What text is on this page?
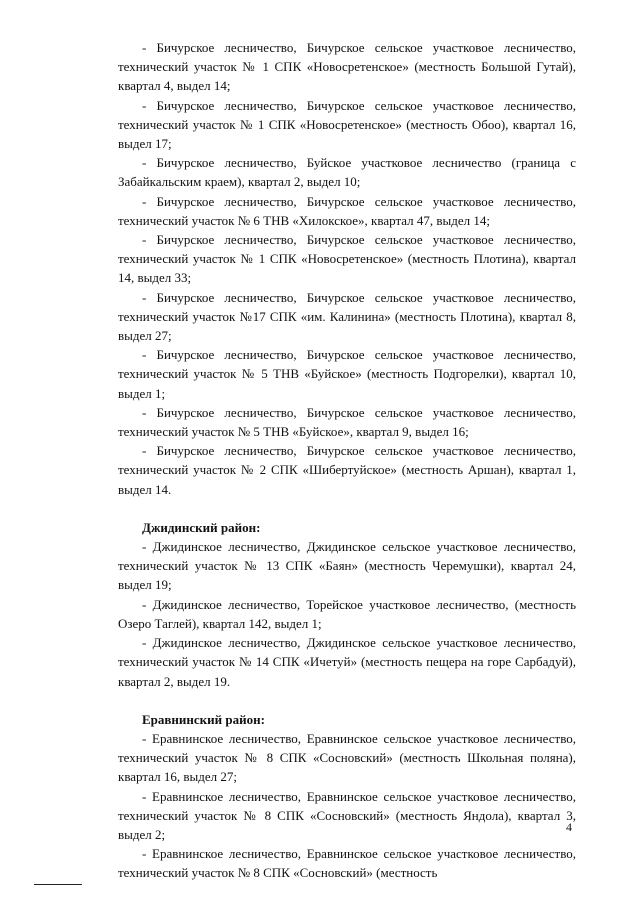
- Бичурское лесничество, Бичурское сельское участковое лесничество, технический участок № 1 СПК «Новосретенское» (местность Большой Гутай), квартал 4, выдел 14;
- Бичурское лесничество, Бичурское сельское участковое лесничество, технический участок № 1 СПК «Новосретенское» (местность Обоо), квартал 16, выдел 17;
- Бичурское лесничество, Буйское участковое лесничество (граница с Забайкальским краем), квартал 2, выдел 10;
- Бичурское лесничество, Бичурское сельское участковое лесничество, технический участок № 6 ТНВ «Хилокское», квартал 47, выдел 14;
- Бичурское лесничество, Бичурское сельское участковое лесничество, технический участок № 1 СПК «Новосретенское» (местность Плотина), квартал 14, выдел 33;
- Бичурское лесничество, Бичурское сельское участковое лесничество, технический участок №17 СПК «им. Калинина» (местность Плотина), квартал 8, выдел 27;
- Бичурское лесничество, Бичурское сельское участковое лесничество, технический участок № 5 ТНВ «Буйское» (местность Подгорелки), квартал 10, выдел 1;
- Бичурское лесничество, Бичурское сельское участковое лесничество, технический участок № 5 ТНВ «Буйское», квартал 9, выдел 16;
- Бичурское лесничество, Бичурское сельское участковое лесничество, технический участок № 2 СПК «Шибертуйское» (местность Аршан), квартал 1, выдел 14.
Джидинский район:
- Джидинское лесничество, Джидинское сельское участковое лесничество, технический участок № 13 СПК «Баян» (местность Черемушки), квартал 24, выдел 19;
- Джидинское лесничество, Торейское участковое лесничество, (местность Озеро Таглей), квартал 142, выдел 1;
- Джидинское лесничество, Джидинское сельское участковое лесничество, технический участок № 14 СПК «Ичетуй» (местность пещера на горе Сарбадуй), квартал 2, выдел 19.
Еравнинский район:
- Еравнинское лесничество, Еравнинское сельское участковое лесничество, технический участок № 8 СПК «Сосновский» (местность Школьная поляна), квартал 16, выдел 27;
- Еравнинское лесничество, Еравнинское сельское участковое лесничество, технический участок № 8 СПК «Сосновский» (местность Яндола), квартал 3, выдел 2;
- Еравнинское лесничество, Еравнинское сельское участковое лесничество, технический участок № 8 СПК «Сосновский» (местность
4
